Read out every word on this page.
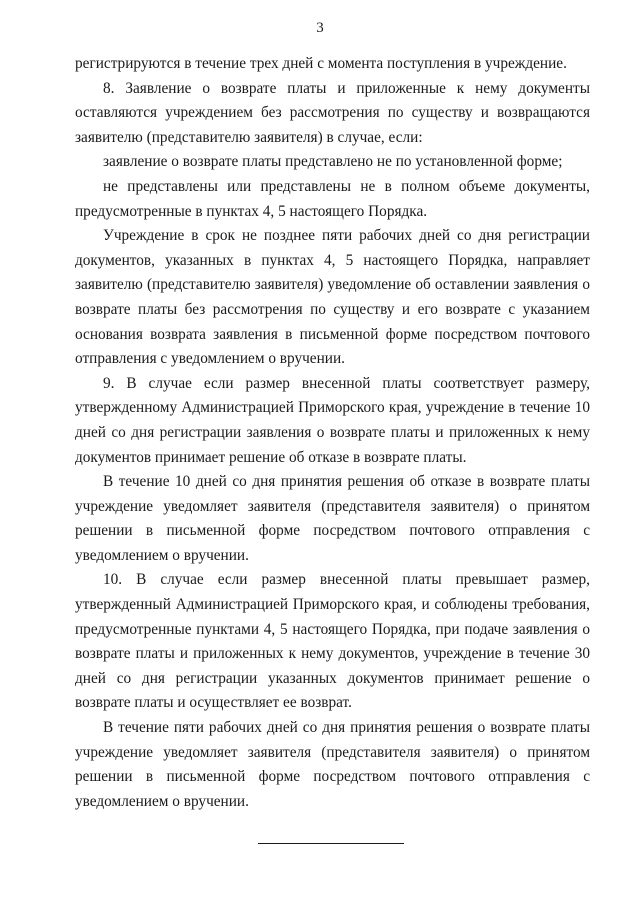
3

регистрируются в течение трех дней с момента поступления в учреждение.

8. Заявление о возврате платы и приложенные к нему документы оставляются учреждением без рассмотрения по существу и возвращаются заявителю (представителю заявителя) в случае, если:

заявление о возврате платы представлено не по установленной форме;

не представлены или представлены не в полном объеме документы, предусмотренные в пунктах 4, 5 настоящего Порядка.

Учреждение в срок не позднее пяти рабочих дней со дня регистрации документов, указанных в пунктах 4, 5 настоящего Порядка, направляет заявителю (представителю заявителя) уведомление об оставлении заявления о возврате платы без рассмотрения по существу и его возврате с указанием основания возврата заявления в письменной форме посредством почтового отправления с уведомлением о вручении.

9. В случае если размер внесенной платы соответствует размеру, утвержденному Администрацией Приморского края, учреждение в течение 10 дней со дня регистрации заявления о возврате платы и приложенных к нему документов принимает решение об отказе в возврате платы.

В течение 10 дней со дня принятия решения об отказе в возврате платы учреждение уведомляет заявителя (представителя заявителя) о принятом решении в письменной форме посредством почтового отправления с уведомлением о вручении.

10. В случае если размер внесенной платы превышает размер, утвержденный Администрацией Приморского края, и соблюдены требования, предусмотренные пунктами 4, 5 настоящего Порядка, при подаче заявления о возврате платы и приложенных к нему документов, учреждение в течение 30 дней со дня регистрации указанных документов принимает решение о возврате платы и осуществляет ее возврат.

В течение пяти рабочих дней со дня принятия решения о возврате платы учреждение уведомляет заявителя (представителя заявителя) о принятом решении в письменной форме посредством почтового отправления с уведомлением о вручении.
